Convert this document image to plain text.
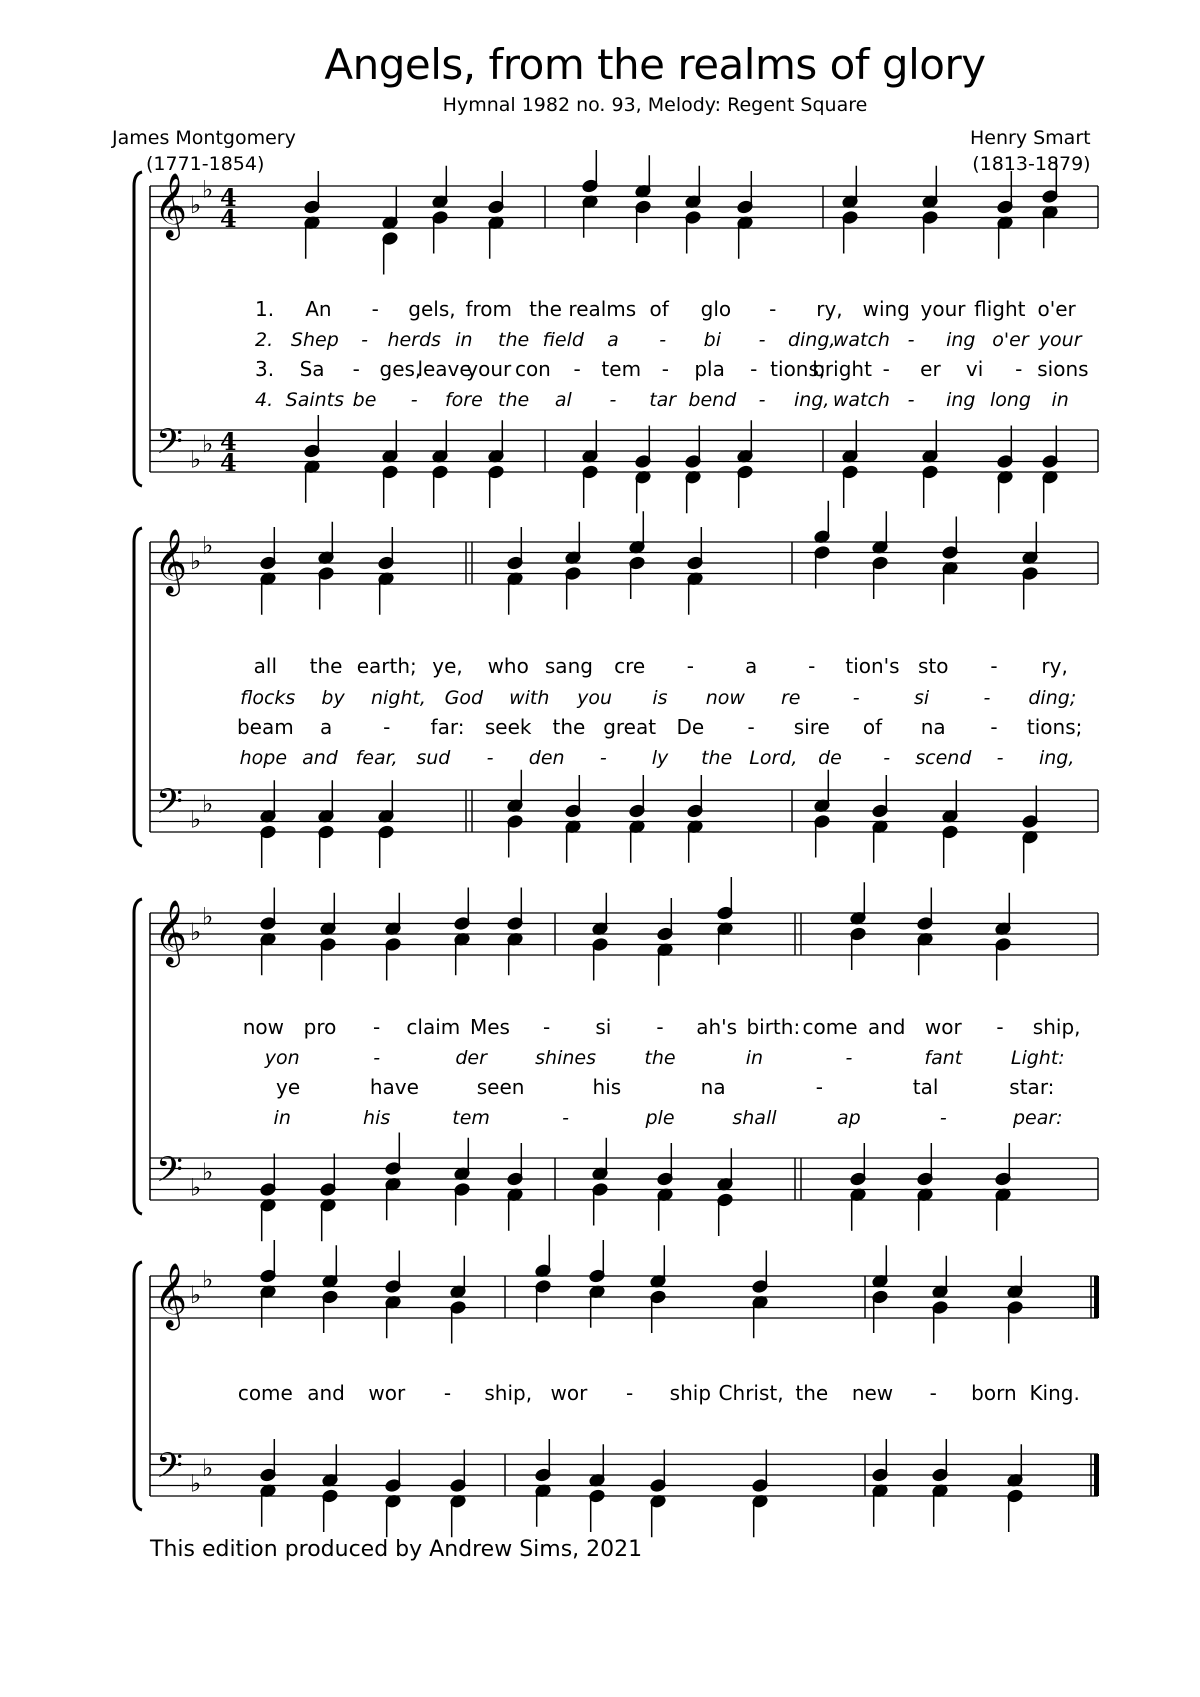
Angels, from the realms of glory
Hymnal 1982 no. 93, Melody: Regent Square
James Montgomery
(1771-1854)
Henry Smart
(1813-1879)
1. An - gels, from the realms of glo - ry, wing your flight o'er
2. Shep - herds in the field a - bi - ding,
watch - ing o'er your
3. Sa - ges,
leave
your con - tem - pla - tions;
bright - er vi - sions
4. Saints be - fore the al - tar bend - ing, watch - ing long in
𝄞 ♭
♭ 4
4
𝄢 ♭
♭ 4
4
all the earth; ye, who sang cre -	a	- tion's sto - ry,
flocks by night, God with you is now re	-	si	- ding;
beam a	- far: seek the great De - sire of na - tions;
hope and fear, sud - den - ly the Lord, de - scend - ing,
𝄞 ♭
♭
𝄢 ♭
♭
now pro - claim Mes - si - ah's birth: come and wor - ship,
yon	-	der	shines	the	in	-	fant	Light:
ye	have	seen	his	na	-	tal	star:
in	his	tem	-	ple	shall	ap	-	pear:
𝄞 ♭
♭
𝄢 ♭
♭
come and wor - ship, wor - ship Christ, the new - born King.
𝄞 ♭
♭
𝄢 ♭
♭
This edition produced by Andrew Sims, 2021
